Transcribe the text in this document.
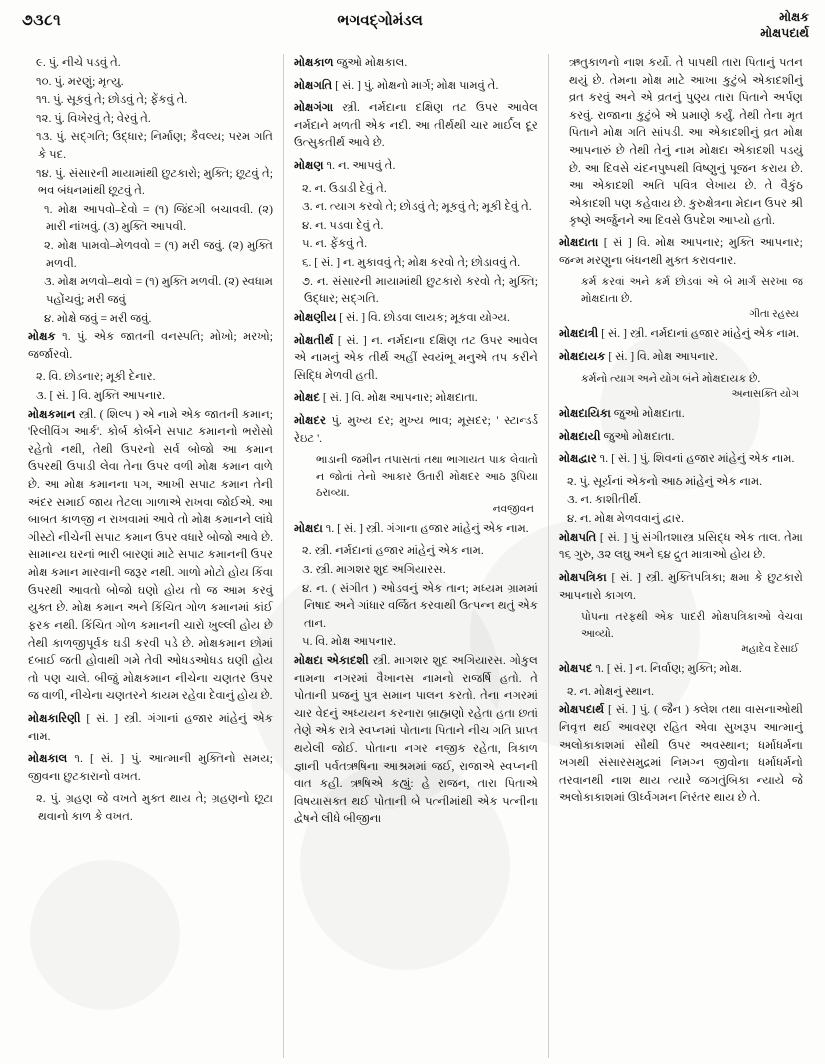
૭૩૮૧	ભગવદ્ગોમંડલ	મોક્ષક
મોક્ષપદાર્થ

૯. પું. નીચે પડવું તે.

૧૦. પું. મરણું; મૃત્યુ.

૧૧. પું. સૂકવું તે; છોડવું તે; ફેંકવું તે.

૧૨. પું. વિખેરવું તે; વેરવું તે.

૧૩. પું. સદ્ગતિ; ઉદ્ધાર; નિર્માણ; કૈવલ્ય; પરમ ગતિ કે પદ.

૧૪. પું. સંસારની માયામાંથી છુટકારો; મુક્તિ; છૂટવું તે; ભવ બંધનમાંથી છૂટવું તે.

૧. મોક્ષ આપવો–દેવો = (૧) જિંદગી બચાવવી. (૨) મારી નાંખવું. (૩) મુક્તિ આપવી.

૨. મોક્ષ પામવો–મેળવવો = (૧) મરી જવું. (૨) મુક્તિ મળવી.

૩. મોક્ષ મળવો–થવો = (૧) મુક્તિ મળવી. (૨) સ્વધામ પહોંચવું; મરી જવું

૪. મોક્ષે જવું = મરી જવું.

મોક્ષક ૧. પું. એક જાતની વનસ્પતિ; મોખો; મરખો; જર્જારવો.

૨. વિ. છોડનાર; મૂકી દેનાર.

૩. [ સં. ] વિ. મુક્તિ આપનાર.

મોક્ષકમાન સ્ત્રી. ( શિલ્પ ) એ નામે એક જાતની કમાન; 'રિલીવિંગ આર્ક'. કોર્બ કોર્બને સપાટ કમાનનો ભરોસો રહેતો નથી, તેથી ઉપરનો સર્વ બોજો આ કમાન ઉપરથી ઉપાડી લેવા તેના ઉપર વળી મોક્ષ કમાન વાળે છે. આ મોક્ષ કમાનના પગ, આખી સપાટ કમાન તેની અંદર સમાઈ જાય તેટલા ગાળાએ રાખવા જોઈએ. આ બાબત કાળજી ન રાખવામાં આવે તો મોક્ષ કમાનને લાંધે ગીસ્ટો નીચેની સપાટ કમાન ઉપર વધારે બોજો આવે છે. સામાન્ય ઘરનાં ભારી બારણાં માટે સપાટ કમાનની ઉપર મોક્ષ કમાન મારવાની જરૂર નથી. ગાળો મોટો હોય કિંવા ઉપરથી આવતો બોજો ઘણો હોય તો જ આમ કરવું યુક્ત છે. મોક્ષ કમાન અને કિંચિત ગોળ કમાનમાં કાંઈ ફરક નથી. કિંચિત ગોળ કમાનની ચારો ખુલ્લી હોય છે તેથી કાળજીપૂર્વક ઘડી કરવી પડે છે. મોક્ષકમાન છોમાં દબાઈ જતી હોવાથી ગમે તેવી ઓધડઓધડ ઘણી હોય તો પણ ચાલે. બીજું મોક્ષકમાન નીચેના ચણતર ઉપર જ વાળી, નીચેના ચણતરને કાયમ રહેવા દેવાનું હોય છે.

મોક્ષકારિણી [ સં. ] સ્ત્રી. ગંગાનાં હજાર માંહેનું એક નામ.

મોક્ષકાલ ૧. [ સં. ] પું. આત્માની મુક્તિનો સમય; જીવના છુટકારાનો વખત.

૨. પું. ગ્રહણ જે વખતે મુક્ત થાય તે; ગ્રહણનો છૂટા થવાનો કાળ કે વખત.

મોક્ષકાળ જુઓ મોક્ષકાલ.

મોક્ષગતિ [ સં. ] પું. મોક્ષનો માર્ગ; મોક્ષ પામવું તે.

મોક્ષગંગા સ્ત્રી. નર્મદાના દક્ષિણ તટ ઉપર આવેલ નર્મદાને મળતી એક નદી. આ તીર્થથી ચાર માર્ઈલ દૂર ઉત્સુકતીર્થ આવે છે.

મોક્ષણ ૧. ન. આપવું તે.

૨. ન. ઉડાડી દેવું તે.

૩. ન. ત્યાગ કરવો તે; છોડવું તે; મૂકવું તે; મૂકી દેવું તે.

૪. ન. પડવા દેવું તે.

૫. ન. ફેંકવું તે.

૬. [ સં. ] ન. મુકાવવું તે; મોક્ષ કરવો તે; છોડાવવું તે.

૭. ન. સંસારની માયામાંથી છુટકારો કરવો તે; મુક્તિ; ઉદ્ધાર; સદ્ગતિ.

મોક્ષણીય [ સં. ] વિ. છોડવા લાયક; મૂકવા યોગ્ય.

મોક્ષતીર્થ [ સં. ] ન. નર્મદાના દક્ષિણ તટ ઉપર આવેલ એ નામનું એક તીર્થ અહીં સ્વયંભૂ મનુએ તપ કરીને સિદ્ધિ મેળવી હતી.

મોક્ષદ [ સં. ] વિ. મોક્ષ આપનાર; મોક્ષદાતા.

મોક્ષદર પું. મુખ્ય દર; મુખ્ય ભાવ; મૂસદર; ' સ્ટાન્ડર્ડ રેઇટ '.

ભાડાની જમીન તપાસતાં તથા ભાગાયત પાક લેવાતો ન જોતાં તેનો આકાર ઉતારી મોક્ષદર આઠ રૂપિયા ઠરાવ્યા.

નવજીવન

મોક્ષદા ૧. [ સં. ] સ્ત્રી. ગંગાના હજાર માંહેનું એક નામ.

૨. સ્ત્રી. નર્મદાનાં હજાર માંહેનું એક નામ.

૩. સ્ત્રી. માગશર શુદ અગિયારસ.

૪. ન. ( સંગીત ) ઓડવનું એક તાન; મધ્યમ ગ્રામમાં નિષાદ અને ગાંધાર વર્જિત કરવાથી ઉત્પન્ન થતું એક તાન.

૫. વિ. મોક્ષ આપનાર.

મોક્ષદા એકાદશી સ્ત્રી. માગશર શુદ અગિયારસ. ગોકુલ નામના નગરમાં વૈખાનસ નામનો રાજર્ષિ હતો. તે પોતાની પ્રજનું પુત્ર સમાન પાલન કરતો. તેના નગરમાં ચાર વેદનું અધ્યયન કરનારા બ્રાહ્મણો રહેતા હતા છતાં તેણે એક રાત્રે સ્વપ્નમાં પોતાના પિતાને નીચ ગતિ પ્રાપ્ત થયેલી જોઈ. પોતાના નગર નજીક રહેતા, ત્રિકાળ જ્ઞાની પર્વતઋષિના આશ્રમમાં જઈ, રાજાએ સ્વપ્નની વાત કહી. ઋષિએ કહ્યું: હે રાજન, તારા પિતાએ વિષયાસક્ત થઈ પોતાની બે પત્નીમાંથી એક પત્નીના દ્વેષને લીધે બીજીના

ઋતુકાળનો નાશ કર્યો. તે પાપથી તારા પિતાનું પતન થયું છે. તેમના મોક્ષ માટે આખા કુટુંબે એકાદશીનું વ્રત કરવું અને એ વ્રતનું પુણ્ય તારા પિતાને અર્પણ કરવું. રાજાના કુટુંબે એ પ્રમાણે કર્યું. તેથી તેના મૃત પિતાને મોક્ષ ગતિ સાંપડી. આ એકાદશીનું વ્રત મોક્ષ આપનારું છે તેથી તેનું નામ મોક્ષદા એકાદશી પડયું છે. આ દિવસે ચંદનપુષ્પથી વિષ્ણુનું પૂજન કરાય છે. આ એકાદશી અતિ પવિત્ર લેખાય છે. તે વૈકુંઠ એકાદશી પણ કહેવાય છે. કુરુક્ષેત્રના મેદાન ઉપર શ્રી કૃષ્ણે અર્જુનને આ દિવસે ઉપદેશ આપ્યો હતો.

મોક્ષદાતા [ સં ] વિ. મોક્ષ આપનાર; મુક્તિ આપનાર; જન્મ મરણુના બંધનથી મુક્ત કરાવનાર.

કર્મ કરવાં અને કર્મ છોડવાં એ બે માર્ગ સરખા જ મોક્ષદાતા છે.

ગીતા રહસ્ય

મોક્ષદાત્રી [ સં. ] સ્ત્રી. નર્મદાનાં હજાર માંહેનું એક નામ.

મોક્ષદાયક [ સં. ] વિ. મોક્ષ આપનાર.

કર્મનો ત્યાગ અને યોગ બંને મોક્ષદાયક છે.

અનાસક્તિ યોગ

મોક્ષદાયિકા જુઓ મોક્ષદાતા.

મોક્ષદાયી જુઓ મોક્ષદાતા.

મોક્ષદ્વાર ૧. [ સં. ] પું. શિવનાં હજાર માંહેનું એક નામ.

૨. પું. સૂર્યનાં એકનો આઠ માંહેનું એક નામ.

૩. ન. કાશીતીર્થ.

૪. ન. મોક્ષ મેળવવાનું દ્વાર.

મોક્ષપતિ [ સં. ] પું સંગીતશાસ્ત્ર પ્રસિદ્ધ એક તાલ. તેમા ૧૬ ગુરુ, ૩૨ લઘુ અને ૬૪ દ્રુત માત્રાઓ હોય છે.

મોક્ષપત્રિકા [ સં. ] સ્ત્રી. મુક્તિપત્રિકા; ક્ષમા કે છુટકારો આપનારો કાગળ.

પોપના તરફથી એક પાદરી મોક્ષપત્રિકાઓ વેચવા આવ્યો.

મહાદેવ દેસાઈ

મોક્ષપદ ૧. [ સં. ] ન. નિર્વાણ; મુક્તિ; મોક્ષ.

૨. ન. મોક્ષનું સ્થાન.

મોક્ષપદાર્થ [ સં. ] પું. ( જૈન ) ક્લેશ તથા વાસનાઓથી નિવૃત્ત થઈ આવરણ રહિત એવા સુખરૂપ આત્માનું અલોકાકાશમાં સૌથી ઉપર અવસ્થાન; ધર્માધર્મના ખગથી સંસારસમુદ્રમાં નિમગ્ન જીવોના ધર્માધર્મનો તરવાનથી નાશ થાય ત્યારે જગતુંબિકા ન્યાયે જે અલોકાકાશમાં ઊર્ધ્વગમન નિરંતર થાય છે તે.
